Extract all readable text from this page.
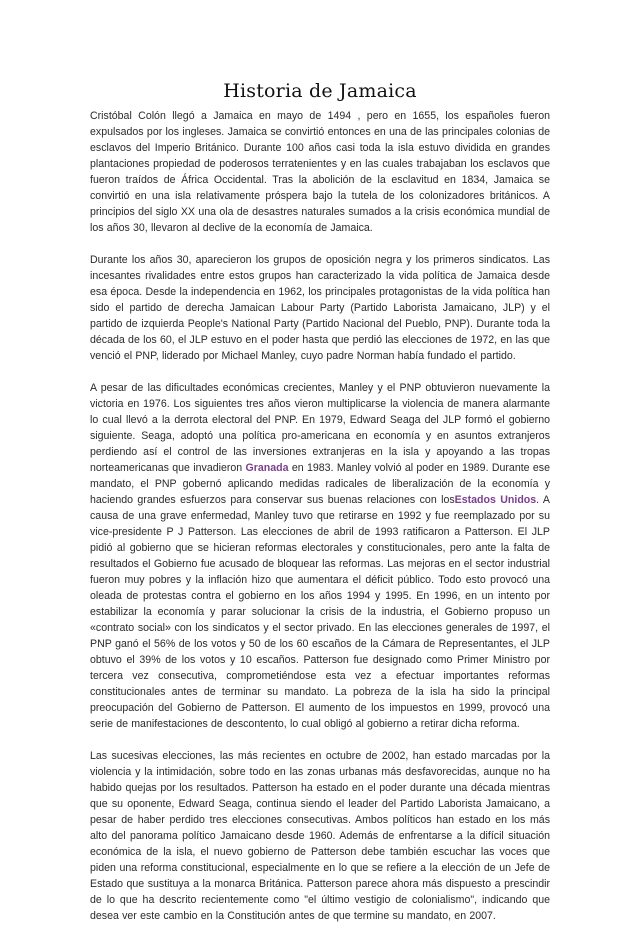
Historia de Jamaica

Cristóbal Colón llegó a Jamaica en mayo de 1494 , pero en 1655, los españoles fueron expulsados por los ingleses. Jamaica se convirtió entonces en una de las principales colonias de esclavos del Imperio Británico. Durante 100 años casi toda la isla estuvo dividida en grandes plantaciones propiedad de poderosos terratenientes y en las cuales trabajaban los esclavos que fueron traídos de África Occidental. Tras la abolición de la esclavitud en 1834, Jamaica se convirtió en una isla relativamente próspera bajo la tutela de los colonizadores británicos. A principios del siglo XX una ola de desastres naturales sumados a la crisis económica mundial de los años 30, llevaron al declive de la economía de Jamaica.

Durante los años 30, aparecieron los grupos de oposición negra y los primeros sindicatos. Las incesantes rivalidades entre estos grupos han caracterizado la vida política de Jamaica desde esa época. Desde la independencia en 1962, los principales protagonistas de la vida política han sido el partido de derecha Jamaican Labour Party (Partido Laborista Jamaicano, JLP) y el partido de izquierda People's National Party (Partido Nacional del Pueblo, PNP). Durante toda la década de los 60, el JLP estuvo en el poder hasta que perdió las elecciones de 1972, en las que venció el PNP, liderado por Michael Manley, cuyo padre Norman había fundado el partido.

A pesar de las dificultades económicas crecientes, Manley y el PNP obtuvieron nuevamente la victoria en 1976. Los siguientes tres años vieron multiplicarse la violencia de manera alarmante lo cual llevó a la derrota electoral del PNP. En 1979, Edward Seaga del JLP formó el gobierno siguiente. Seaga, adoptó una política pro-americana en economía y en asuntos extranjeros perdiendo así el control de las inversiones extranjeras en la isla y apoyando a las tropas norteamericanas que invadieron Granada en 1983. Manley volvió al poder en 1989. Durante ese mandato, el PNP gobernó aplicando medidas radicales de liberalización de la economía y haciendo grandes esfuerzos para conservar sus buenas relaciones con losEstados Unidos. A causa de una grave enfermedad, Manley tuvo que retirarse en 1992 y fue reemplazado por su vice-presidente P J Patterson. Las elecciones de abril de 1993 ratificaron a Patterson. El JLP pidió al gobierno que se hicieran reformas electorales y constitucionales, pero ante la falta de resultados el Gobierno fue acusado de bloquear las reformas. Las mejoras en el sector industrial fueron muy pobres y la inflación hizo que aumentara el déficit público. Todo esto provocó una oleada de protestas contra el gobierno en los años 1994 y 1995. En 1996, en un intento por estabilizar la economía y parar solucionar la crisis de la industria, el Gobierno propuso un «contrato social» con los sindicatos y el sector privado. En las elecciones generales de 1997, el PNP ganó el 56% de los votos y 50 de los 60 escaños de la Cámara de Representantes, el JLP obtuvo el 39% de los votos y 10 escaños. Patterson fue designado como Primer Ministro por tercera vez consecutiva, comprometiéndose esta vez a efectuar importantes reformas constitucionales antes de terminar su mandato. La pobreza de la isla ha sido la principal preocupación del Gobierno de Patterson. El aumento de los impuestos en 1999, provocó una serie de manifestaciones de descontento, lo cual obligó al gobierno a retirar dicha reforma.

Las sucesivas elecciones, las más recientes en octubre de 2002, han estado marcadas por la violencia y la intimidación, sobre todo en las zonas urbanas más desfavorecidas, aunque no ha habido quejas por los resultados. Patterson ha estado en el poder durante una década mientras que su oponente, Edward Seaga, continua siendo el leader del Partido Laborista Jamaicano, a pesar de haber perdido tres elecciones consecutivas. Ambos políticos han estado en los más alto del panorama político Jamaicano desde 1960. Además de enfrentarse a la difícil situación económica de la isla, el nuevo gobierno de Patterson debe también escuchar las voces que piden una reforma constitucional, especialmente en lo que se refiere a la elección de un Jefe de Estado que sustituya a la monarca Británica. Patterson parece ahora más dispuesto a prescindir de lo que ha descrito recientemente como "el último vestigio de colonialismo", indicando que desea ver este cambio en la Constitución antes de que termine su mandato, en 2007.
